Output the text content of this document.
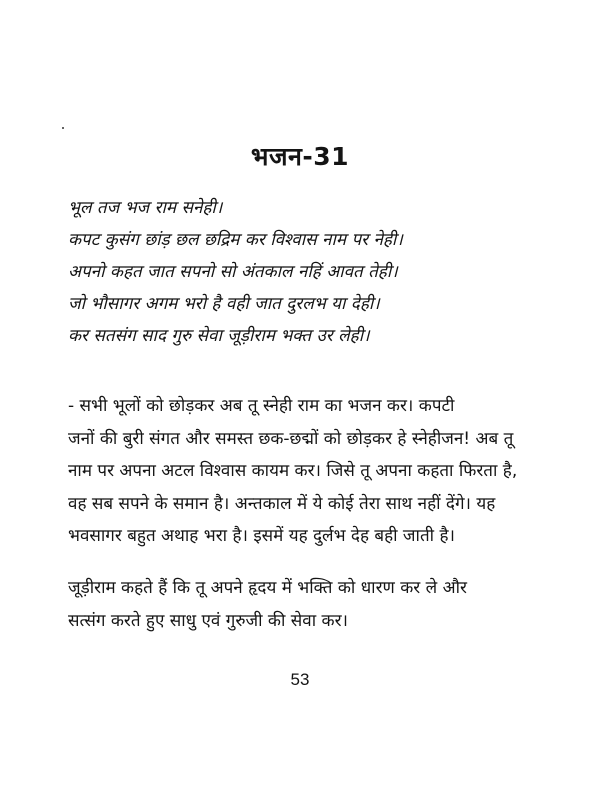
भजन-31
भूल तज भज राम सनेही।
कपट कुसंग छांड़ छल छद्रिम कर विश्वास नाम पर नेही।
अपनो कहत जात सपनो सो अंतकाल नहिं आवत तेही।
जो भौसागर अगम भरो है वही जात दुरलभ या देही।
कर सतसंग साद गुरु सेवा जूड़ीराम भक्त उर लेही।
- सभी भूलों को छोड़कर अब तू स्नेही राम का भजन कर। कपटी
जनों की बुरी संगत और समस्त छक-छद्मों को छोड़कर हे स्नेहीजन! अब तू
नाम पर अपना अटल विश्वास कायम कर। जिसे तू अपना कहता फिरता है,
वह सब सपने के समान है। अन्तकाल में ये कोई तेरा साथ नहीं देंगे। यह
भवसागर बहुत अथाह भरा है। इसमें यह दुर्लभ देह बही जाती है।
जूड़ीराम कहते हैं कि तू अपने हृदय में भक्ति को धारण कर ले और
सत्संग करते हुए साधु एवं गुरुजी की सेवा कर।
53
